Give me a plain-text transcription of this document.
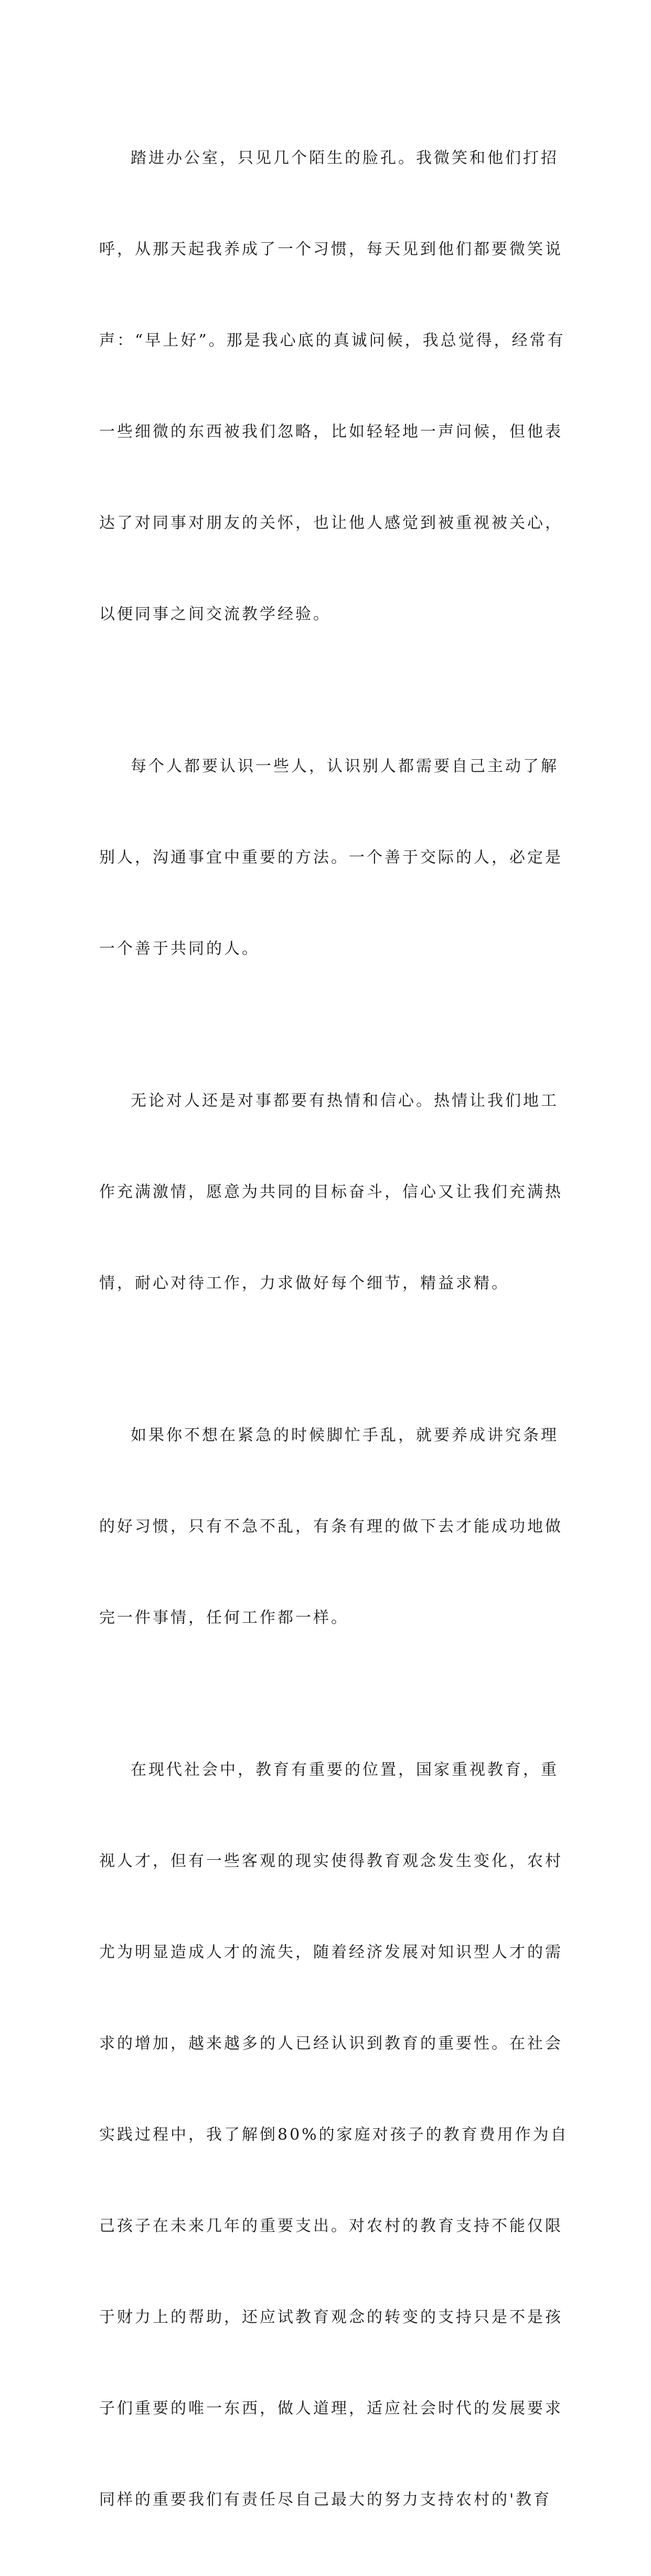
踏进办公室，只见几个陌生的脸孔。我微笑和他们打招

呼，从那天起我养成了一个习惯，每天见到他们都要微笑说

声：“早上好”。那是我心底的真诚问候，我总觉得，经常有

一些细微的东西被我们忽略，比如轻轻地一声问候，但他表

达了对同事对朋友的关怀，也让他人感觉到被重视被关心，

以便同事之间交流教学经验。

每个人都要认识一些人，认识别人都需要自己主动了解

别人，沟通事宜中重要的方法。一个善于交际的人，必定是

一个善于共同的人。

无论对人还是对事都要有热情和信心。热情让我们地工

作充满激情，愿意为共同的目标奋斗，信心又让我们充满热

情，耐心对待工作，力求做好每个细节，精益求精。

如果你不想在紧急的时候脚忙手乱，就要养成讲究条理

的好习惯，只有不急不乱，有条有理的做下去才能成功地做

完一件事情，任何工作都一样。

在现代社会中，教育有重要的位置，国家重视教育，重

视人才，但有一些客观的现实使得教育观念发生变化，农村

尤为明显造成人才的流失，随着经济发展对知识型人才的需

求的增加，越来越多的人已经认识到教育的重要性。在社会

实践过程中，我了解倒80%的家庭对孩子的教育费用作为自

己孩子在未来几年的重要支出。对农村的教育支持不能仅限

于财力上的帮助，还应试教育观念的转变的支持只是不是孩

子们重要的唯一东西，做人道理，适应社会时代的发展要求

同样的重要我们有责任尽自己最大的努力支持农村的'教育
